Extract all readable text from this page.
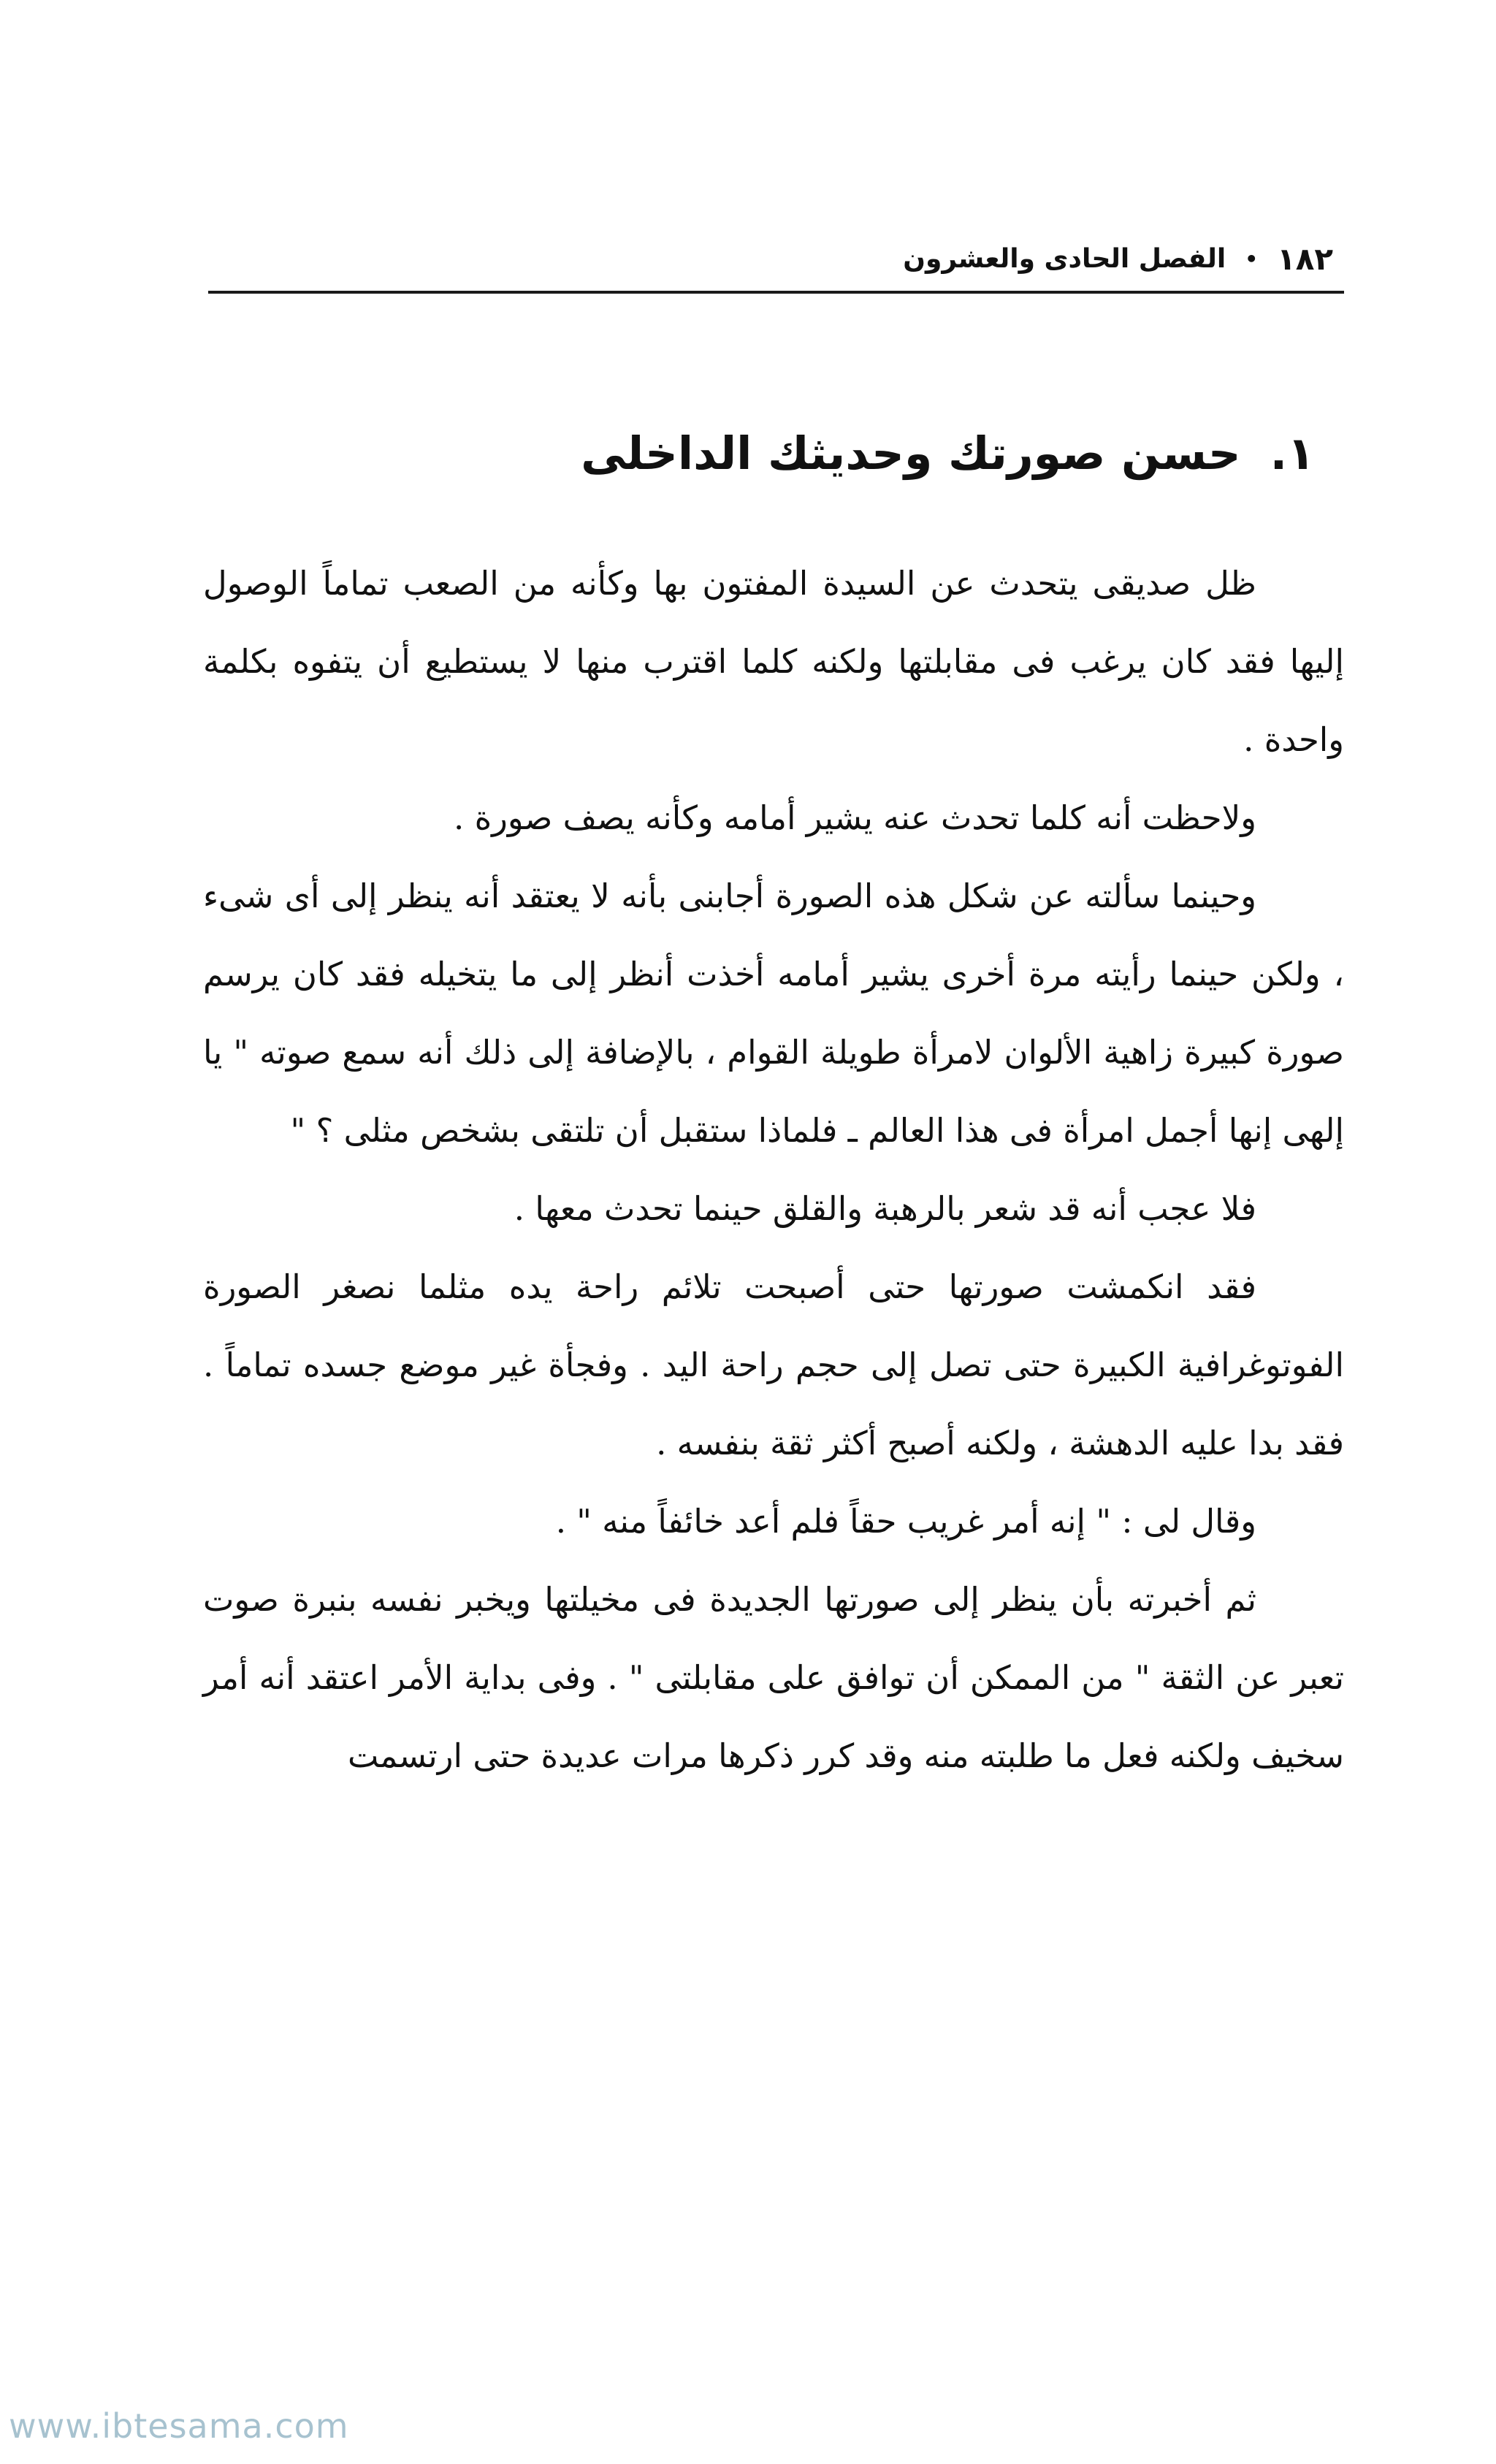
١٨٢
•
الفصل الحادى والعشرون
١.
حسن صورتك وحديثك الداخلى

ظل صديقى يتحدث عن السيدة المفتون بها وكأنه من الصعب تماماً الوصول إليها فقد كان يرغب فى مقابلتها ولكنه كلما اقترب منها لا يستطيع أن يتفوه بكلمة واحدة .

ولاحظت أنه كلما تحدث عنه يشير أمامه وكأنه يصف صورة .

وحينما سألته عن شكل هذه الصورة أجابنى بأنه لا يعتقد أنه ينظر إلى أى شىء ، ولكن حينما رأيته مرة أخرى يشير أمامه أخذت أنظر إلى ما يتخيله فقد كان يرسم صورة كبيرة زاهية الألوان لامرأة طويلة القوام ، بالإضافة إلى ذلك أنه سمع صوته " يا إلهى إنها أجمل امرأة فى هذا العالم ـ فلماذا ستقبل أن تلتقى بشخص مثلى ؟ "

فلا عجب أنه قد شعر بالرهبة والقلق حينما تحدث معها .

فقد انكمشت صورتها حتى أصبحت تلائم راحة يده مثلما نصغر الصورة الفوتوغرافية الكبيرة حتى تصل إلى حجم راحة اليد . وفجأة غير موضع جسده تماماً . فقد بدا عليه الدهشة ، ولكنه أصبح أكثر ثقة بنفسه .

وقال لى : " إنه أمر غريب حقاً فلم أعد خائفاً منه " .

ثم أخبرته بأن ينظر إلى صورتها الجديدة فى مخيلتها ويخبر نفسه بنبرة صوت تعبر عن الثقة " من الممكن أن توافق على مقابلتى " . وفى بداية الأمر اعتقد أنه أمر سخيف ولكنه فعل ما طلبته منه وقد كرر ذكرها مرات عديدة حتى ارتسمت

www.ibtesama.com
